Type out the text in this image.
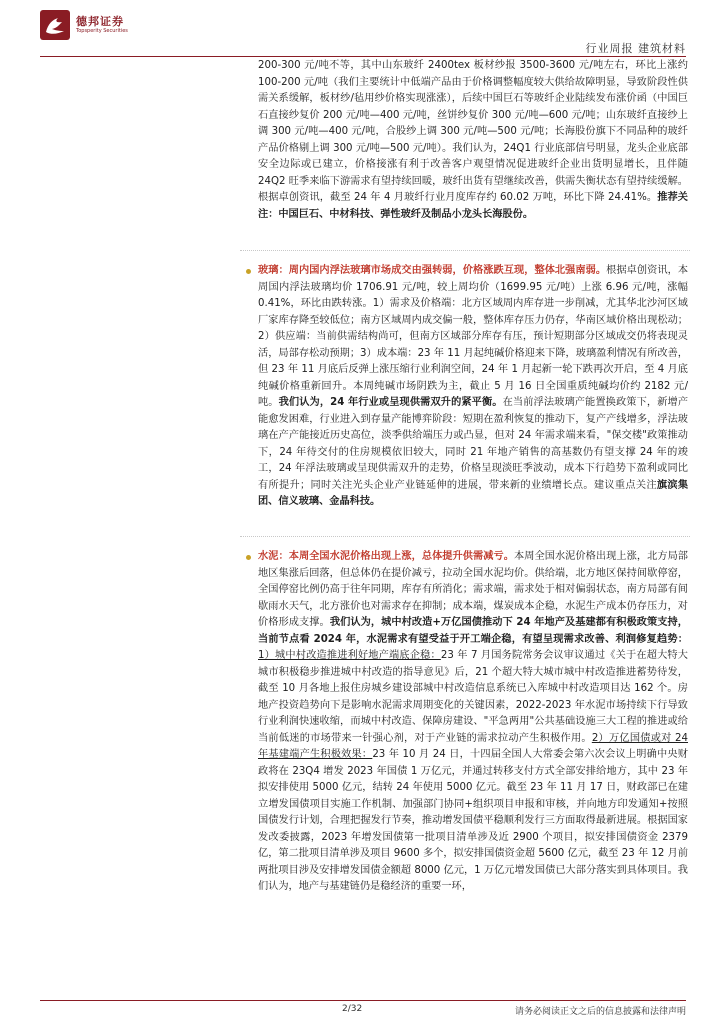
德邦证券
Topsperity Securities
行业周报 建筑材料
200-300 元/吨不等，其中山东玻纤 2400tex 板材纱报 3500-3600 元/吨左右，环比上涨约 100-200 元/吨（我们主要统计中低端产品由于价格调整幅度较大供给故障明显，导致阶段性供需关系缓解，板材纱/毡用纱价格实现涨涨），后续中国巨石等玻纤企业陆续发布涨价函（中国巨石直接纱复价 200 元/吨—400 元/吨，丝饼纱复价 300 元/吨—600 元/吨；山东玻纤直接纱上调 300 元/吨—400 元/吨，合股纱上调 300 元/吨—500 元/吨；长海股份旗下不同品种的玻纤产品价格剔上调 300 元/吨—500 元/吨）。我们认为，24Q1 行业底部信号明显，龙头企业底部安全边际或已建立，价格接涨有利于改善客户观望情况促进玻纤企业出货明显增长，且伴随 24Q2 旺季来临下游需求有望持续回暖，玻纤出货有望继续改善，供需失衡状态有望持续缓解。根据卓创资讯，截至 24 年 4 月玻纤行业月度库存约 60.02 万吨，环比下降 24.41%。推荐关注：中国巨石、中材科技、弹性玻纤及制品小龙头长海股份。
玻璃：周内国内浮法玻璃市场成交由强转弱，价格涨跌互现，整体北强南弱。根据卓创资讯，本周国内浮法玻璃均价 1706.91 元/吨，较上周均价（1699.95 元/吨）上涨 6.96 元/吨，涨幅 0.41%，环比由跌转涨。1）需求及价格端：北方区域周内库存进一步削减，尤其华北沙河区域厂家库存降至较低位；南方区域周内成交偏一般，整体库存压力仍存，华南区域价格出现松动；2）供应端：当前供需结构尚可，但南方区域部分库存有压，预计短期部分区域成交仍将表现灵活，局部存松动预期；3）成本端：23 年 11 月起纯碱价格迎来下降，玻璃盈利情况有所改善，但 23 年 11 月底后反弹上涨压缩行业利润空间，24 年 1 月起新一轮下跌再次开启，至 4 月底纯碱价格重新回升。本周纯碱市场阴跌为主，截止 5 月 16 日全国重质纯碱均价约 2182 元/吨。我们认为，24 年行业或呈现供需双升的紧平衡。在当前浮法玻璃产能置换政策下，新增产能愈发困难，行业进入到存量产能博弈阶段：短期在盈利恢复的推动下，复产产线增多，浮法玻璃在产产能接近历史高位，淡季供给端压力或凸显，但对 24 年需求端来看，"保交楼"政策推动下，24 年待交付的住房规模依旧较大，同时 21 年地产销售的高基数仍有望支撑 24 年的竣工，24 年浮法玻璃或呈现供需双升的走势，价格呈现淡旺季波动，成本下行趋势下盈利或同比有所提升；同时关注光头企业产业链延伸的进展，带来新的业绩增长点。建议重点关注旗滨集团、信义玻璃、金晶科技。
水泥：本周全国水泥价格出现上涨，总体提升供需减亏。本周全国水泥价格出现上涨，北方局部地区集涨后回落，但总体仍在提价减亏，拉动全国水泥均价。供给端，北方地区保持间歇停窑，全国停窑比例仍高于往年同期，库存有所消化；需求端，需求处于相对偏弱状态，南方局部有间歇雨水天气，北方涨价也对需求存在抑制；成本端，煤炭成本企稳，水泥生产成本仍存压力，对价格形成支撑。我们认为，城中村改造+万亿国债推动下 24 年地产及基建都有积极政策支持，当前节点看 2024 年，水泥需求有望受益于开工端企稳，有望呈现需求改善、利润修复趋势：1）城中村改造推进利好地产端底企稳：23 年 7 月国务院常务会议审议通过《关于在超大特大城市积极稳步推进城中村改造的指导意见》后，21 个超大特大城市城中村改造推进蓄势待发，截至 10 月各地上报住房城乡建设部城中村改造信息系统已入库城中村改造项目达 162 个。房地产投资趋势向下是影响水泥需求周期变化的关键因素，2022-2023 年水泥市场持续下行导致行业利润快速收缩，而城中村改造、保障房建设、"平急两用"公共基础设施三大工程的推进或给当前低迷的市场带来一针强心剂，对于产业链的需求拉动产生积极作用。2）万亿国债或对 24 年基建端产生积极效果：23 年 10 月 24 日，十四届全国人大常委会第六次会议上明确中央财政将在 23Q4 增发 2023 年国债 1 万亿元，并通过转移支付方式全部安排给地方，其中 23 年拟安排使用 5000 亿元，结转 24 年使用 5000 亿元。截至 23 年 11 月 17 日，财政部已在建立增发国债项目实施工作机制、加强部门协同+组织项目申报和审核，并向地方印发通知+按照国债发行计划，合理把握发行节奏，推动增发国债平稳顺利发行三方面取得最新进展。根据国家发改委披露，2023 年增发国债第一批项目清单涉及近 2900 个项目，拟安排国债资金 2379 亿，第二批项目清单涉及项目 9600 多个，拟安排国债资金超 5600 亿元，截至 23 年 12 月前两批项目涉及安排增发国债金额超 8000 亿元，1 万亿元增发国债已大部分落实到具体项目。我们认为，地产与基建链仍是稳经济的重要一环，
2/32	请务必阅读正文之后的信息披露和法律声明
